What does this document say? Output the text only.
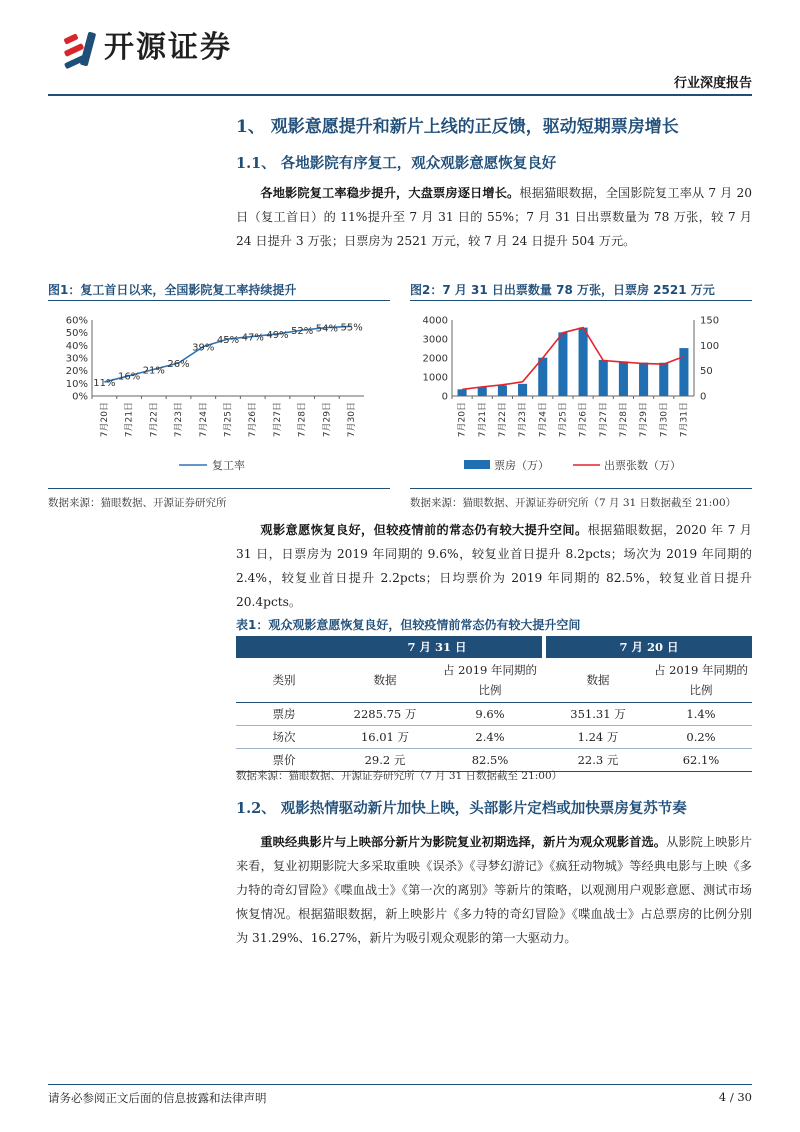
开源证券
行业深度报告
1、 观影意愿提升和新片上线的正反馈，驱动短期票房增长
1.1、 各地影院有序复工，观众观影意愿恢复良好
各地影院复工率稳步提升，大盘票房逐日增长。根据猫眼数据，全国影院复工率从 7 月 20 日（复工首日）的 11%提升至 7 月 31 日的 55%；7 月 31 日出票数量为 78 万张，较 7 月 24 日提升 3 万张；日票房为 2521 万元，较 7 月 24 日提升 504 万元。
图1：复工首日以来，全国影院复工率持续提升
0%
10%
20%
30%
40%
50%
60%
11%
16%
21%
26%
39%
45% 47% 49% 52% 54% 55%
7月20日 7月21日 7月22日 7月23日 7月24日 7月25日 7月26日 7月27日 7月28日 7月29日 7月30日
复工率
数据来源：猫眼数据、开源证券研究所
图2：7 月 31 日出票数量 78 万张，日票房 2521 万元
0
1000
2000
3000
4000
0
50
100
150
7月20日 7月21日 7月22日 7月23日 7月24日 7月25日 7月26日 7月27日 7月28日 7月29日 7月30日 7月31日
票房（万）	出票张数（万）
数据来源：猫眼数据、开源证券研究所（7 月 31 日数据截至 21:00）
观影意愿恢复良好，但较疫情前的常态仍有较大提升空间。根据猫眼数据，2020 年 7 月 31 日，日票房为 2019 年同期的 9.6%，较复业首日提升 8.2pcts；场次为 2019 年同期的 2.4%，较复业首日提升 2.2pcts；日均票价为 2019 年同期的 82.5%，较复业首日提升 20.4pcts。
表1：观众观影意愿恢复良好，但较疫情前常态仍有较大提升空间
	7 月 31 日			7 月 20 日	
类别	数据	占 2019 年同期的比例		数据	占 2019 年同期的比例
票房	2285.75 万	9.6%		351.31 万	1.4%
场次	16.01 万	2.4%		1.24 万	0.2%
票价	29.2 元	82.5%		22.3 元	62.1%
数据来源：猫眼数据、开源证券研究所（7 月 31 日数据截至 21:00）
1.2、 观影热情驱动新片加快上映，头部影片定档或加快票房复苏节奏
重映经典影片与上映部分新片为影院复业初期选择，新片为观众观影首选。从影院上映影片来看，复业初期影院大多采取重映《误杀》《寻梦幻游记》《疯狂动物城》等经典电影与上映《多力特的奇幻冒险》《喋血战士》《第一次的离别》等新片的策略，以观测用户观影意愿、测试市场恢复情况。根据猫眼数据，新上映影片《多力特的奇幻冒险》《喋血战士》占总票房的比例分别为 31.29%、16.27%，新片为吸引观众观影的第一大驱动力。
请务必参阅正文后面的信息披露和法律声明	4 / 30
